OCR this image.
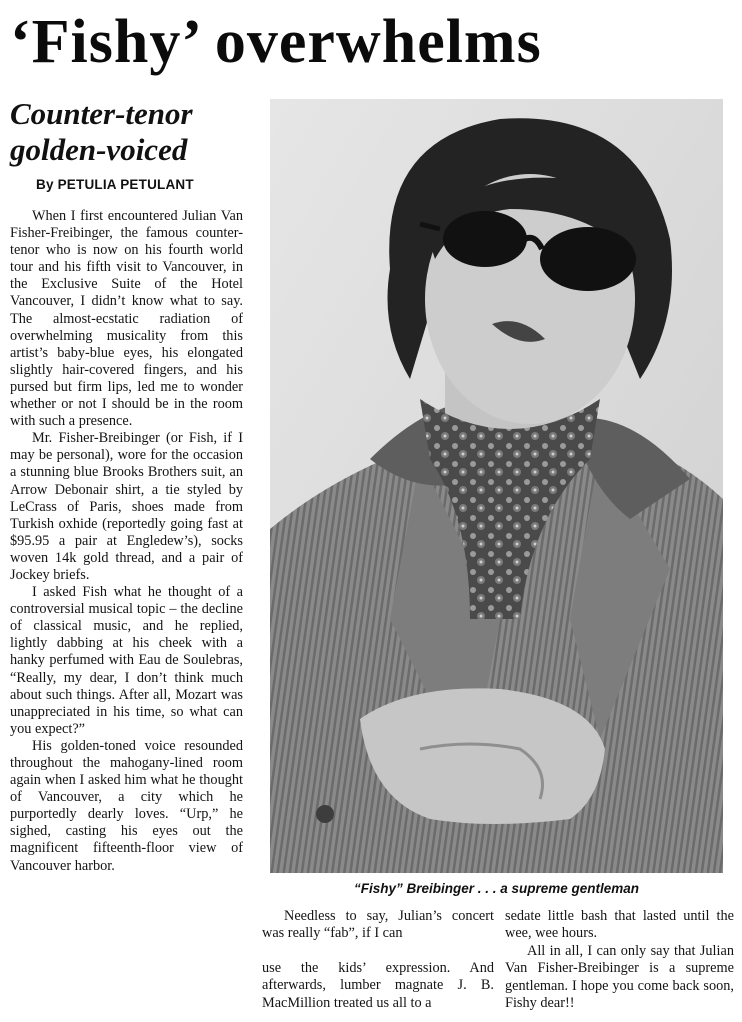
‘Fishy’ overwhelms
Counter-tenor golden-voiced
By PETULIA PETULANT

When I first encountered Julian Van Fisher-Freibinger, the famous counter-tenor who is now on his fourth world tour and his fifth visit to Vancouver, in the Exclusive Suite of the Hotel Vancouver, I didn’t know what to say. The almost-ecstatic radiation of overwhelming musicality from this artist’s baby-blue eyes, his elongated slightly hair-covered fingers, and his pursed but firm lips, led me to wonder whether or not I should be in the room with such a presence.

Mr. Fisher-Breibinger (or Fish, if I may be personal), wore for the occasion a stunning blue Brooks Brothers suit, an Arrow Debonair shirt, a tie styled by LeCrass of Paris, shoes made from Turkish oxhide (reportedly going fast at $95.95 a pair at Engledew’s), socks woven 14k gold thread, and a pair of Jockey briefs.

I asked Fish what he thought of a controversial musical topic – the decline of classical music, and he replied, lightly dabbing at his cheek with a hanky perfumed with Eau de Soulebras, “Really, my dear, I don’t think much about such things. After all, Mozart was unappreciated in his time, so what can you expect?”

His golden-toned voice resounded throughout the mahogany-lined room again when I asked him what he thought of Vancouver, a city which he purportedly dearly loves. “Urp,” he sighed, casting his eyes out the magnificent fifteenth-floor view of Vancouver harbor.

“Fishy” Breibinger . . . a supreme gentleman

Needless to say, Julian’s concert was really “fab”, if I can

use the kids’ expression. And afterwards, lumber magnate J. B. MacMillion treated us all to a

sedate little bash that lasted until the wee, wee hours.

All in all, I can only say that Julian Van Fisher-Breibinger is a supreme gentleman. I hope you come back soon, Fishy dear!!
